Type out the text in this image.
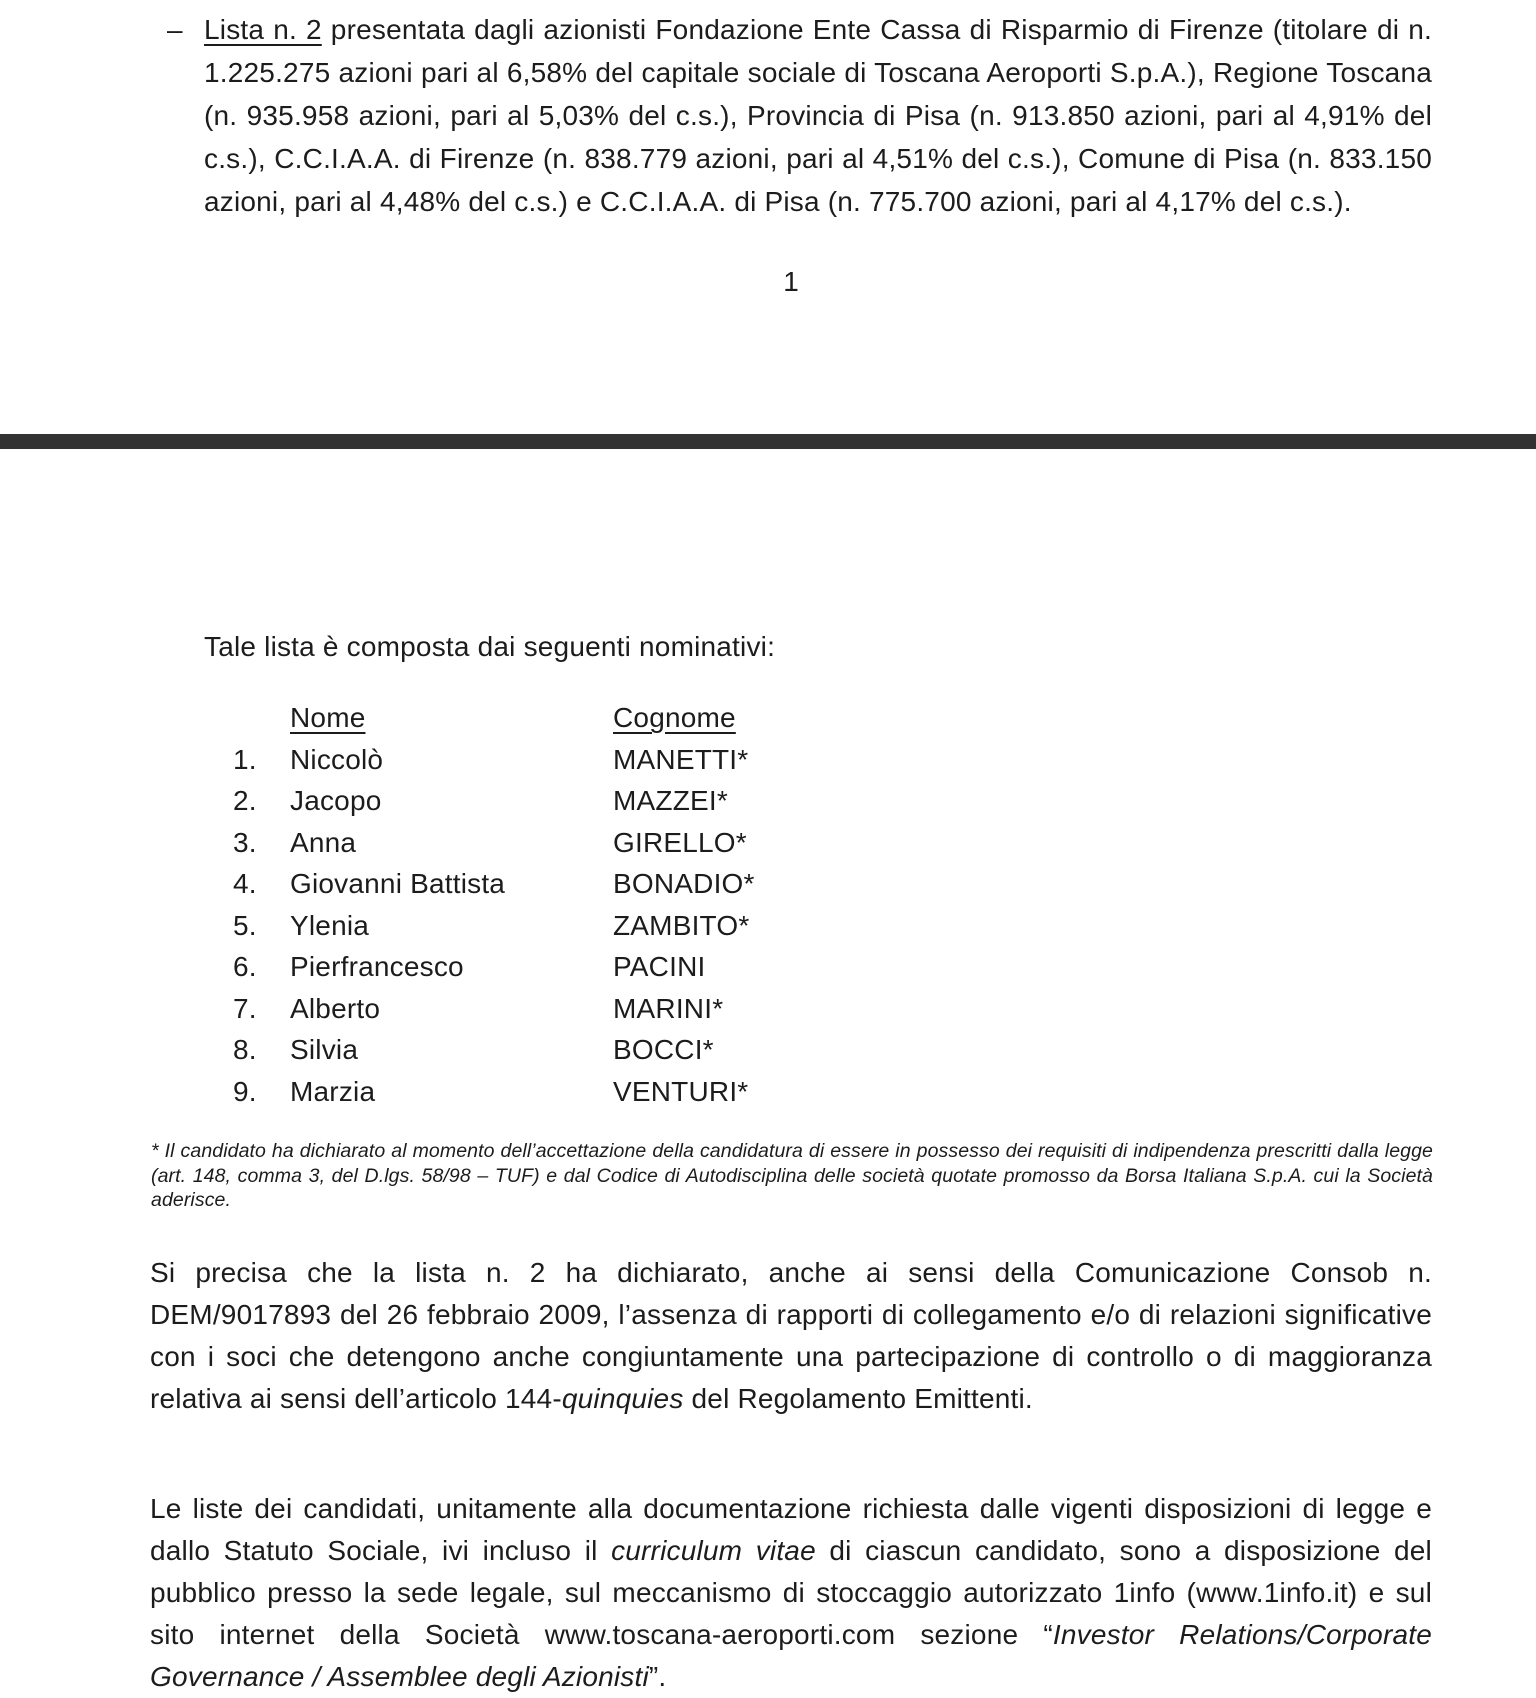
– Lista n. 2 presentata dagli azionisti Fondazione Ente Cassa di Risparmio di Firenze (titolare di n. 1.225.275 azioni pari al 6,58% del capitale sociale di Toscana Aeroporti S.p.A.), Regione Toscana (n. 935.958 azioni, pari al 5,03% del c.s.), Provincia di Pisa (n. 913.850 azioni, pari al 4,91% del c.s.), C.C.I.A.A. di Firenze (n. 838.779 azioni, pari al 4,51% del c.s.), Comune di Pisa (n. 833.150 azioni, pari al 4,48% del c.s.) e C.C.I.A.A. di Pisa (n. 775.700 azioni, pari al 4,17% del c.s.).
1
Tale lista è composta dai seguenti nominativi:
Nome	Cognome
1.	Niccolò	MANETTI*
2.	Jacopo	MAZZEI*
3.	Anna	GIRELLO*
4.	Giovanni Battista	BONADIO*
5.	Ylenia	ZAMBITO*
6.	Pierfrancesco	PACINI
7.	Alberto	MARINI*
8.	Silvia	BOCCI*
9.	Marzia	VENTURI*
* Il candidato ha dichiarato al momento dell’accettazione della candidatura di essere in possesso dei requisiti di indipendenza prescritti dalla legge (art. 148, comma 3, del D.lgs. 58/98 – TUF) e dal Codice di Autodisciplina delle società quotate promosso da Borsa Italiana S.p.A. cui la Società aderisce.
Si precisa che la lista n. 2 ha dichiarato, anche ai sensi della Comunicazione Consob n. DEM/9017893 del 26 febbraio 2009, l’assenza di rapporti di collegamento e/o di relazioni significative con i soci che detengono anche congiuntamente una partecipazione di controllo o di maggioranza relativa ai sensi dell’articolo 144-quinquies del Regolamento Emittenti.
Le liste dei candidati, unitamente alla documentazione richiesta dalle vigenti disposizioni di legge e dallo Statuto Sociale, ivi incluso il curriculum vitae di ciascun candidato, sono a disposizione del pubblico presso la sede legale, sul meccanismo di stoccaggio autorizzato 1info (www.1info.it) e sul sito internet della Società www.toscana-aeroporti.com sezione “Investor Relations/Corporate Governance / Assemblee degli Azionisti”.
